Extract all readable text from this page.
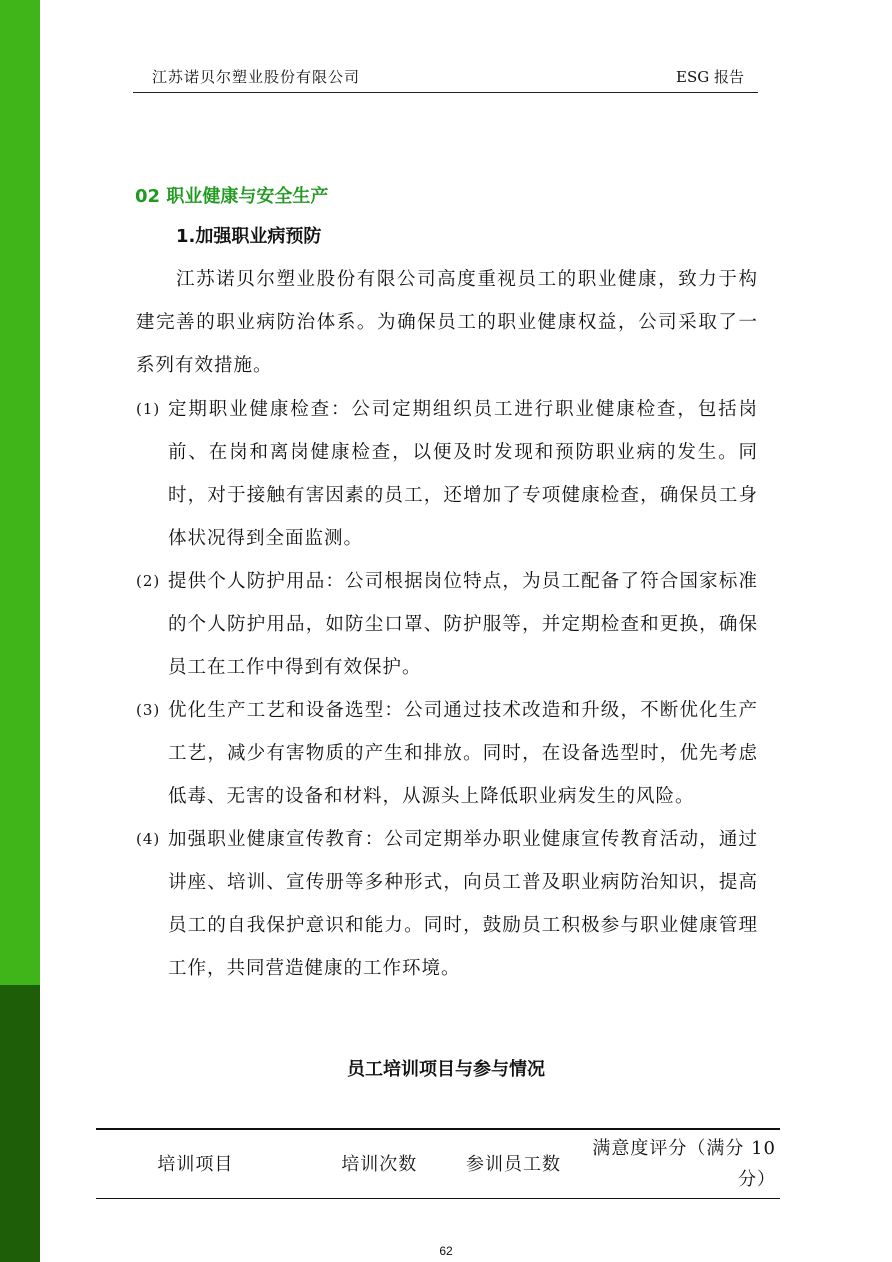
江苏诺贝尔塑业股份有限公司	ESG 报告
02 职业健康与安全生产
1.加强职业病预防

江苏诺贝尔塑业股份有限公司高度重视员工的职业健康，致力于构建完善的职业病防治体系。为确保员工的职业健康权益，公司采取了一系列有效措施。

(1) 定期职业健康检查：公司定期组织员工进行职业健康检查，包括岗前、在岗和离岗健康检查，以便及时发现和预防职业病的发生。同时，对于接触有害因素的员工，还增加了专项健康检查，确保员工身体状况得到全面监测。
(2) 提供个人防护用品：公司根据岗位特点，为员工配备了符合国家标准的个人防护用品，如防尘口罩、防护服等，并定期检查和更换，确保员工在工作中得到有效保护。
(3) 优化生产工艺和设备选型：公司通过技术改造和升级，不断优化生产工艺，减少有害物质的产生和排放。同时，在设备选型时，优先考虑低毒、无害的设备和材料，从源头上降低职业病发生的风险。
(4) 加强职业健康宣传教育：公司定期举办职业健康宣传教育活动，通过讲座、培训、宣传册等多种形式，向员工普及职业病防治知识，提高员工的自我保护意识和能力。同时，鼓励员工积极参与职业健康管理工作，共同营造健康的工作环境。
员工培训项目与参与情况
培训项目	培训次数	参训员工数	满意度评分（满分 10 分）
62
